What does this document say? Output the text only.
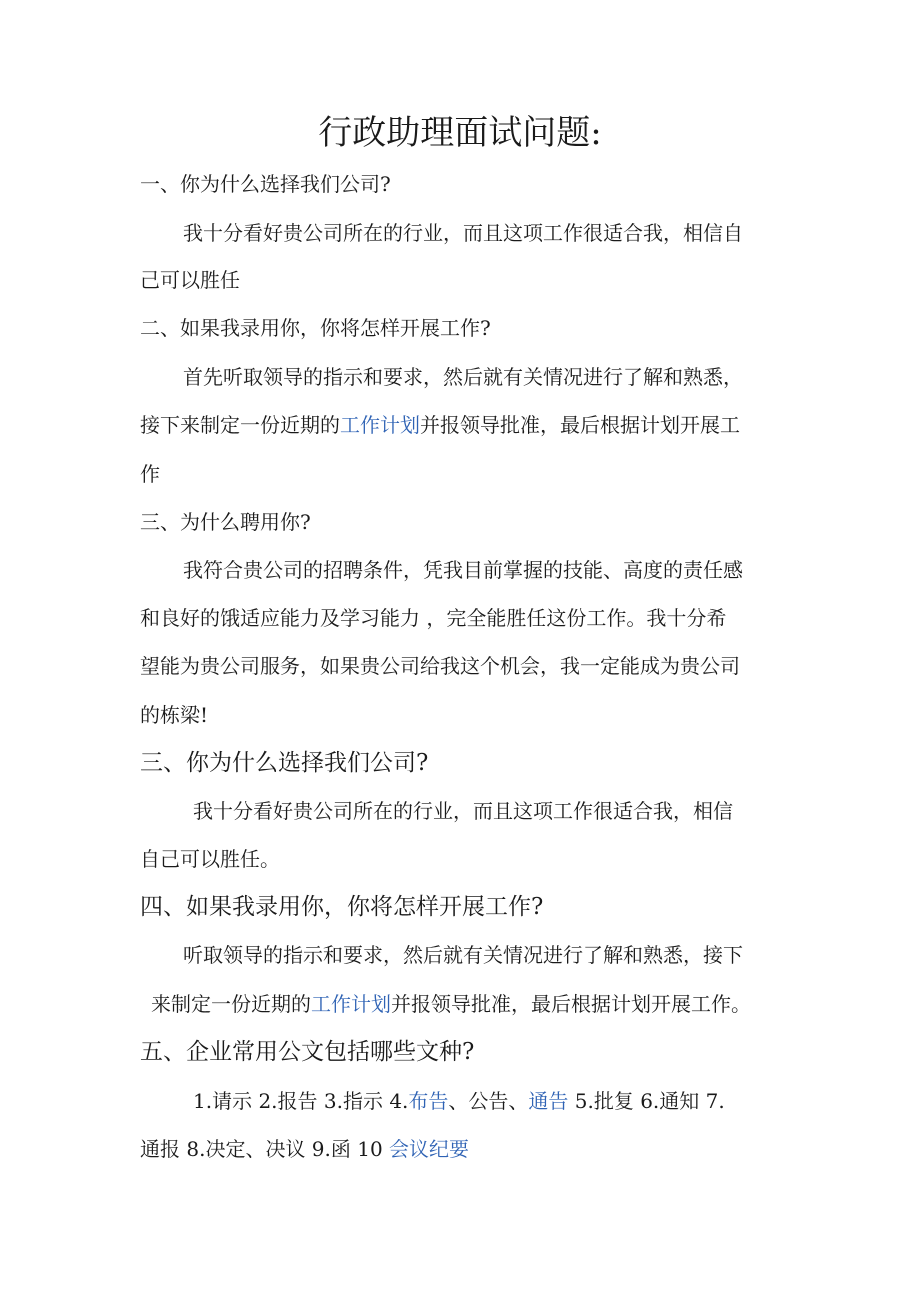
行政助理面试问题:
一、你为什么选择我们公司?
我十分看好贵公司所在的行业，而且这项工作很适合我，相信自
己可以胜任
二、如果我录用你，你将怎样开展工作?
首先听取领导的指示和要求，然后就有关情况进行了解和熟悉，
接下来制定一份近期的工作计划并报领导批准，最后根据计划开展工
作
三、为什么聘用你?
我符合贵公司的招聘条件，凭我目前掌握的技能、高度的责任感
和良好的饿适应能力及学习能力 ，完全能胜任这份工作。我十分希
望能为贵公司服务，如果贵公司给我这个机会，我一定能成为贵公司
的栋梁!
三、你为什么选择我们公司?
我十分看好贵公司所在的行业，而且这项工作很适合我，相信
自己可以胜任。
四、如果我录用你，你将怎样开展工作?
听取领导的指示和要求，然后就有关情况进行了解和熟悉，接下
来制定一份近期的工作计划并报领导批准，最后根据计划开展工作。
五、企业常用公文包括哪些文种?
1.请示 2.报告 3.指示 4.布告、公告、通告 5.批复 6.通知 7.
通报 8.决定、决议 9.函 10 会议纪要
